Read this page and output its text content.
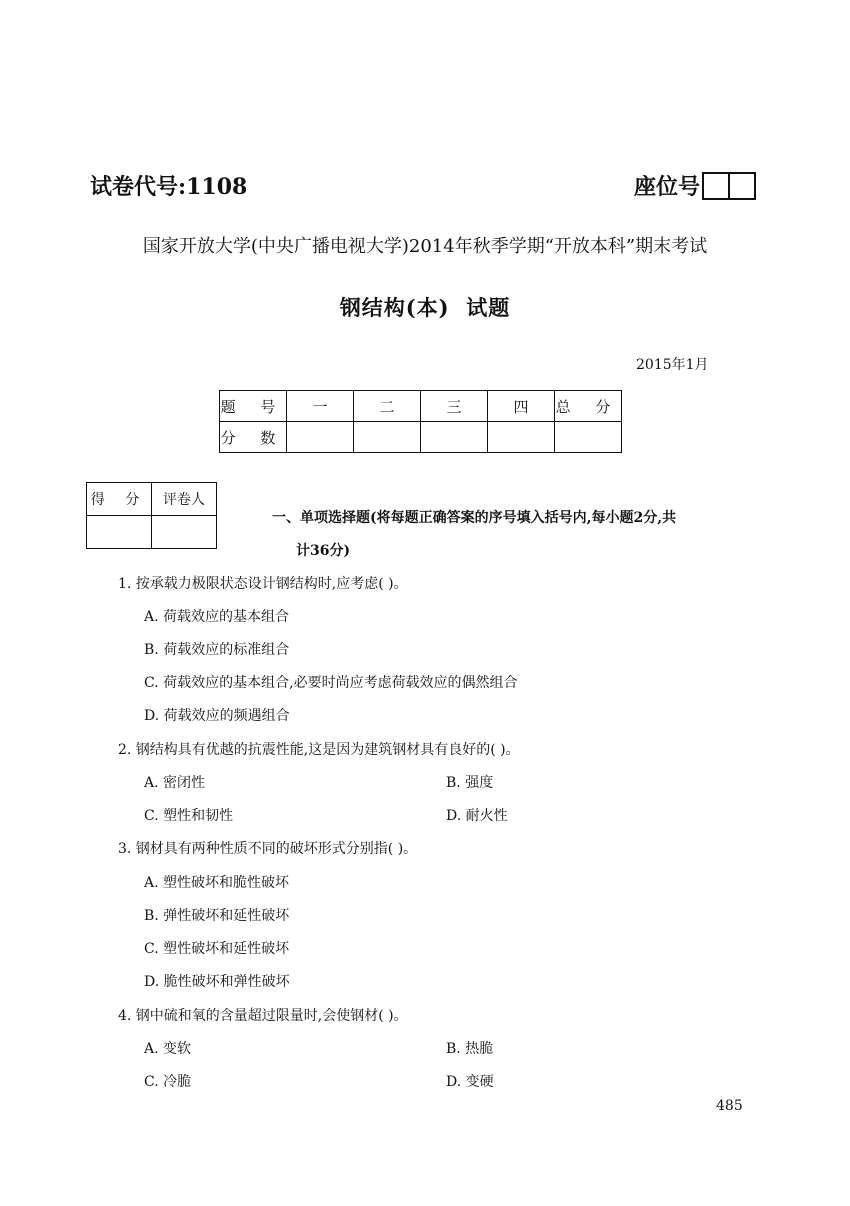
试卷代号:1108	座位号
国家开放大学(中央广播电视大学)2014年秋季学期“开放本科”期末考试
钢结构(本)  试题
2015年1月
题 号	一	二	三	四	总 分
分 数					
得 分	评卷人

一、单项选择题(将每题正确答案的序号填入括号内,每小题2分,共
计36分)
1. 按承载力极限状态设计钢结构时,应考虑( )。
A. 荷载效应的基本组合
B. 荷载效应的标准组合
C. 荷载效应的基本组合,必要时尚应考虑荷载效应的偶然组合
D. 荷载效应的频遇组合
2. 钢结构具有优越的抗震性能,这是因为建筑钢材具有良好的( )。
A. 密闭性	B. 强度
C. 塑性和韧性	D. 耐火性
3. 钢材具有两种性质不同的破坏形式分别指( )。
A. 塑性破坏和脆性破坏
B. 弹性破坏和延性破坏
C. 塑性破坏和延性破坏
D. 脆性破坏和弹性破坏
4. 钢中硫和氧的含量超过限量时,会使钢材( )。
A. 变软	B. 热脆
C. 冷脆	D. 变硬
485
